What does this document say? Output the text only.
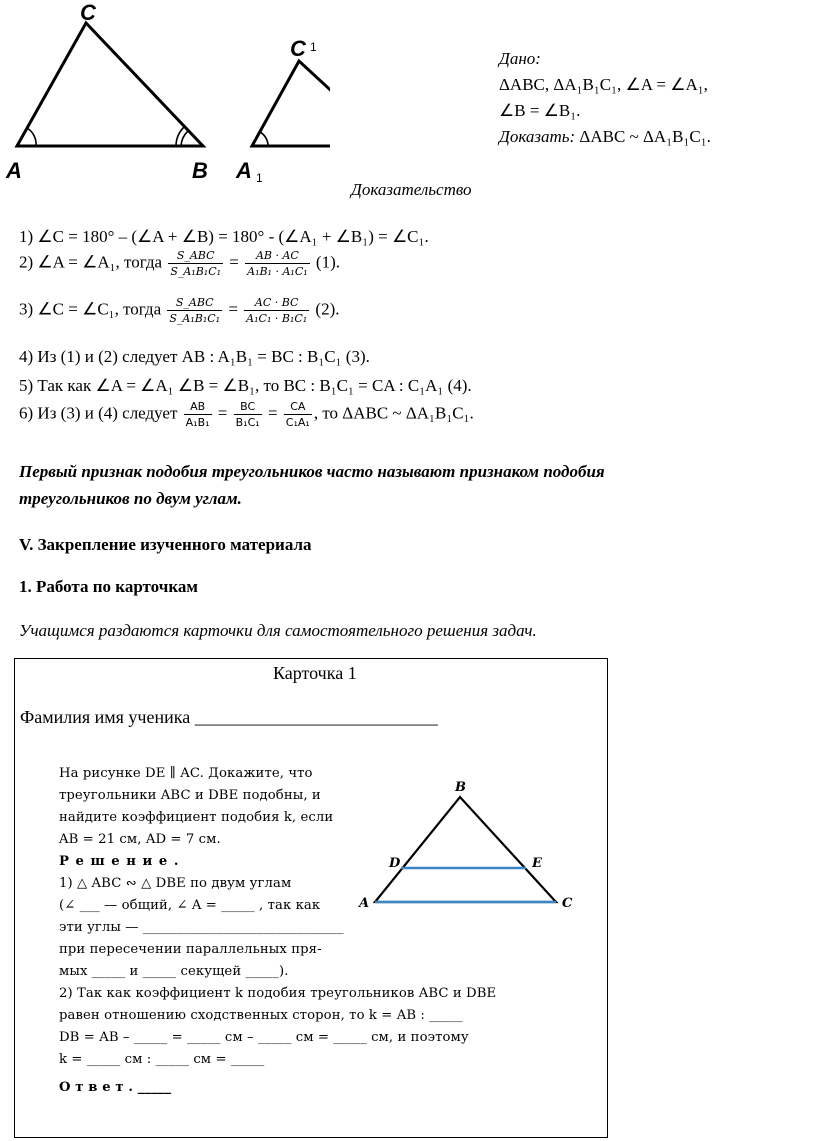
A	B
C
A
C
1
1
Дано:
ΔABC, ΔA₁B₁C₁, ∠A = ∠A₁,
∠B = ∠B₁.
Доказать: ΔABC ~ ΔA₁B₁C₁.
Доказательство
1) ∠C = 180° – (∠A + ∠B) = 180° - (∠A₁ + ∠B₁) = ∠C₁.
2) ∠A = ∠A₁, тогда $\frac{\text{S\_ABC}}{\text{S\_A₁B₁C₁}} = \frac{AB \cdot AC}{\text{A₁B₁ · A₁C₁}} (1)$.
3) ∠C = ∠C₁, тогда $\frac{\text{S\_ABC}}{\text{S\_A₁B₁C₁}} = \frac{AC \cdot BC}{\text{A₁C₁ · B₁C₁}} (2)$.
4) Из (1) и (2) следует AB : A₁B₁ = BC : B₁C₁ (3).
5) Так как ∠A = ∠A₁ ∠B = ∠B₁, то BC : B₁C₁ = CA : C₁A₁ (4).
6) Из (3) и (4) следует $\frac{AB}{\text{A₁B₁}} = \frac{BC}{\text{B₁C₁}} = \frac{CA}{\text{C₁A₁}}$ , то ΔABC ~ ΔA₁B₁C₁.
Первый признак подобия треугольников часто называют признаком подобия
треугольников по двум углам.
V. Закрепление изученного материала
1. Работа по карточкам
Учащимся раздаются карточки для самостоятельного решения задач.
Карточка 1
Фамилия имя ученика ___________________________
На рисунке DE ∥ AC. Докажите, что
треугольники ABC и DBE подобны, и
найдите коэффициент подобия k, если
AB = 21 см, AD = 7 см.
Р е ш е н и е .
1) △ ABC ∾ △ DBE по двум углам
(∠ ___ — общий, ∠ A = _____ , так как
эти углы — ______________________________
при пересечении параллельных пря-
мых _____ и _____ секущей _____).
2) Так как коэффициент k подобия треугольников ABC и DBE
равен отношению сходственных сторон, то k = AB : _____
DB = AB – _____ = _____ см – _____ см = _____ см, и поэтому
k = _____ см : _____ см = _____
О т в е т . _____
B
D	E
A	C
